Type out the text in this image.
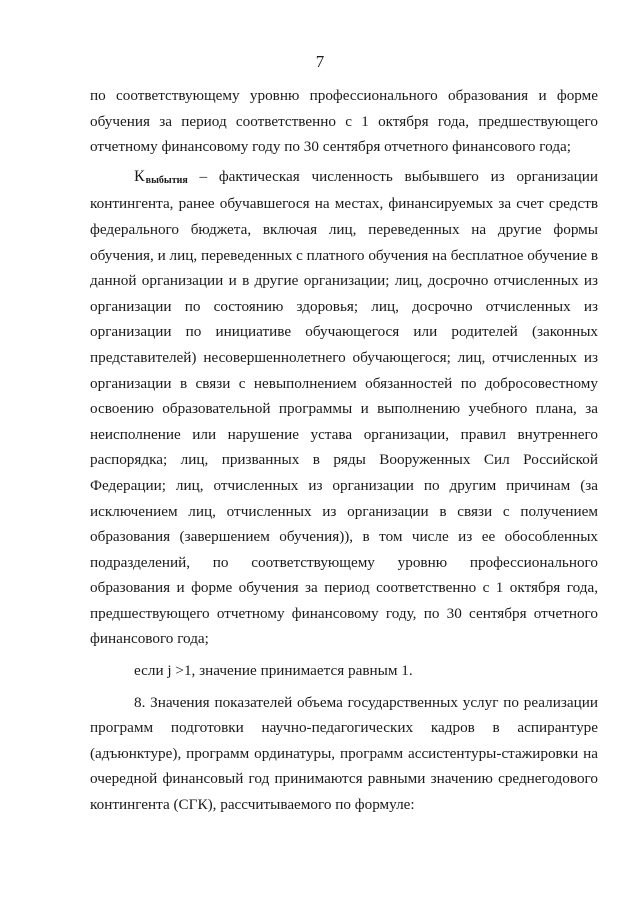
7

по соответствующему уровню профессионального образования и форме обучения за период соответственно с 1 октября года, предшествующего отчетному финансовому году по 30 сентября отчетного финансового года;

Квыбытия – фактическая численность выбывшего из организации контингента, ранее обучавшегося на местах, финансируемых за счет средств федерального бюджета, включая лиц, переведенных на другие формы обучения, и лиц, переведенных с платного обучения на бесплатное обучение в данной организации и в другие организации; лиц, досрочно отчисленных из организации по состоянию здоровья; лиц, досрочно отчисленных из организации по инициативе обучающегося или родителей (законных представителей) несовершеннолетнего обучающегося; лиц, отчисленных из организации в связи с невыполнением обязанностей по добросовестному освоению образовательной программы и выполнению учебного плана, за неисполнение или нарушение устава организации, правил внутреннего распорядка; лиц, призванных в ряды Вооруженных Сил Российской Федерации; лиц, отчисленных из организации по другим причинам (за исключением лиц, отчисленных из организации в связи с получением образования (завершением обучения)), в том числе из ее обособленных подразделений, по соответствующему уровню профессионального образования и форме обучения за период соответственно с 1 октября года, предшествующего отчетному финансовому году, по 30 сентября отчетного финансового года;

если j >1, значение принимается равным 1.

8. Значения показателей объема государственных услуг по реализации программ подготовки научно-педагогических кадров в аспирантуре (адъюнктуре), программ ординатуры, программ ассистентуры-стажировки на очередной финансовый год принимаются равными значению среднегодового контингента (СГК), рассчитываемого по формуле:
